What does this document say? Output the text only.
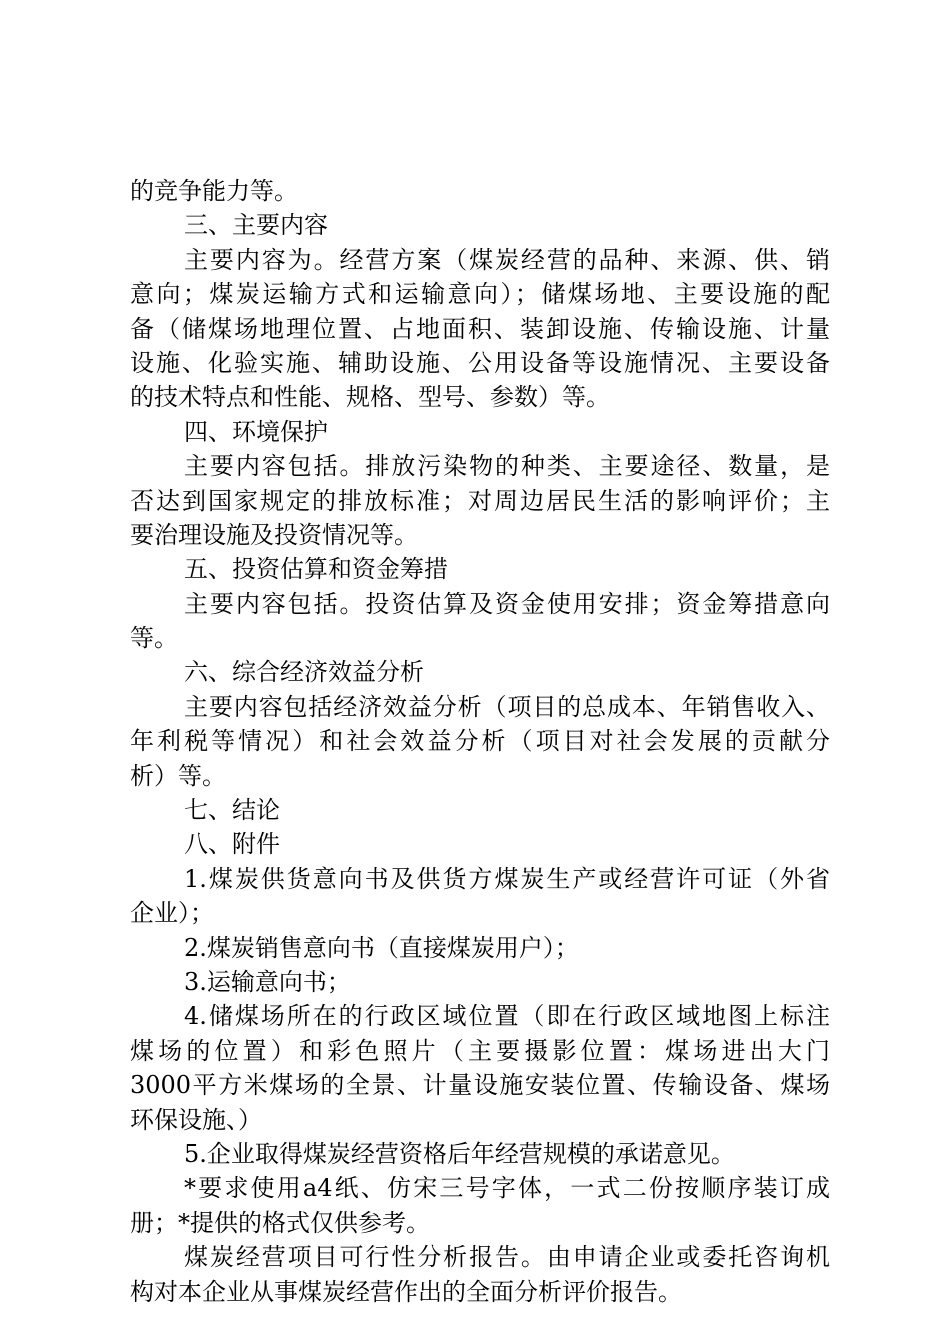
的竞争能力等。
三、主要内容
主要内容为。经营方案（煤炭经营的品种、来源、供、销
意向；煤炭运输方式和运输意向）；储煤场地、主要设施的配
备（储煤场地理位置、占地面积、装卸设施、传输设施、计量
设施、化验实施、辅助设施、公用设备等设施情况、主要设备
的技术特点和性能、规格、型号、参数）等。
四、环境保护
主要内容包括。排放污染物的种类、主要途径、数量，是
否达到国家规定的排放标准；对周边居民生活的影响评价；主
要治理设施及投资情况等。
五、投资估算和资金筹措
主要内容包括。投资估算及资金使用安排；资金筹措意向
等。
六、综合经济效益分析
主要内容包括经济效益分析（项目的总成本、年销售收入、
年利税等情况）和社会效益分析（项目对社会发展的贡献分
析）等。
七、结论
八、附件
1.煤炭供货意向书及供货方煤炭生产或经营许可证（外省
企业）；
2.煤炭销售意向书（直接煤炭用户）；
3.运输意向书；
4.储煤场所在的行政区域位置（即在行政区域地图上标注
煤场的位置）和彩色照片（主要摄影位置：煤场进出大门
3000平方米煤场的全景、计量设施安装位置、传输设备、煤场
环保设施、）
5.企业取得煤炭经营资格后年经营规模的承诺意见。
*要求使用a4纸、仿宋三号字体，一式二份按顺序装订成
册；*提供的格式仅供参考。
煤炭经营项目可行性分析报告。由申请企业或委托咨询机
构对本企业从事煤炭经营作出的全面分析评价报告。
